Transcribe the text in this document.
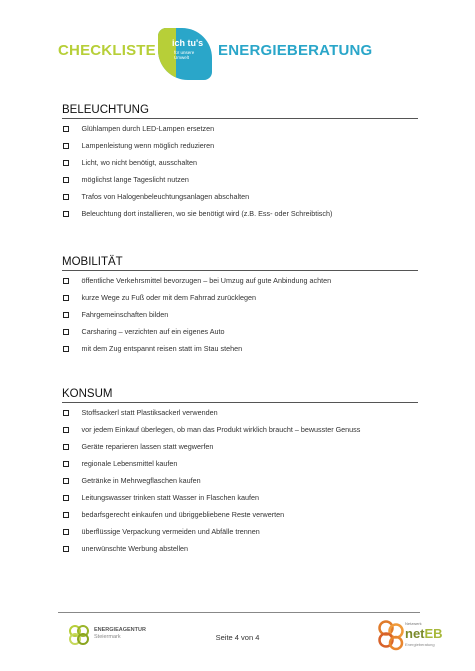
CHECKLISTE ich tu's
für unsere Umwelt	ENERGIEBERATUNG
BELEUCHTUNG
Glühlampen durch LED-Lampen ersetzen
Lampenleistung wenn möglich reduzieren
Licht, wo nicht benötigt, ausschalten
möglichst lange Tageslicht nutzen
Trafos von Halogenbeleuchtungsanlagen abschalten
Beleuchtung dort installieren, wo sie benötigt wird (z.B. Ess- oder Schreibtisch)
MOBILITÄT
öffentliche Verkehrsmittel bevorzugen – bei Umzug auf gute Anbindung achten
kurze Wege zu Fuß oder mit dem Fahrrad zurücklegen
Fahrgemeinschaften bilden
Carsharing – verzichten auf ein eigenes Auto
mit dem Zug entspannt reisen statt im Stau stehen
KONSUM
Stoffsackerl statt Plastiksackerl verwenden
vor jedem Einkauf überlegen, ob man das Produkt wirklich braucht – bewusster Genuss
Geräte reparieren lassen statt wegwerfen
regionale Lebensmittel kaufen
Getränke in Mehrwegflaschen kaufen
Leitungswasser trinken statt Wasser in Flaschen kaufen
bedarfsgerecht einkaufen und übriggebliebene Reste verwerten
überflüssige Verpackung vermeiden und Abfälle trennen
unerwünschte Werbung abstellen
ENERGIEAGENTUR
Steiermark	Seite 4 von 4
Netzwerk
netEB
Energieberatung
